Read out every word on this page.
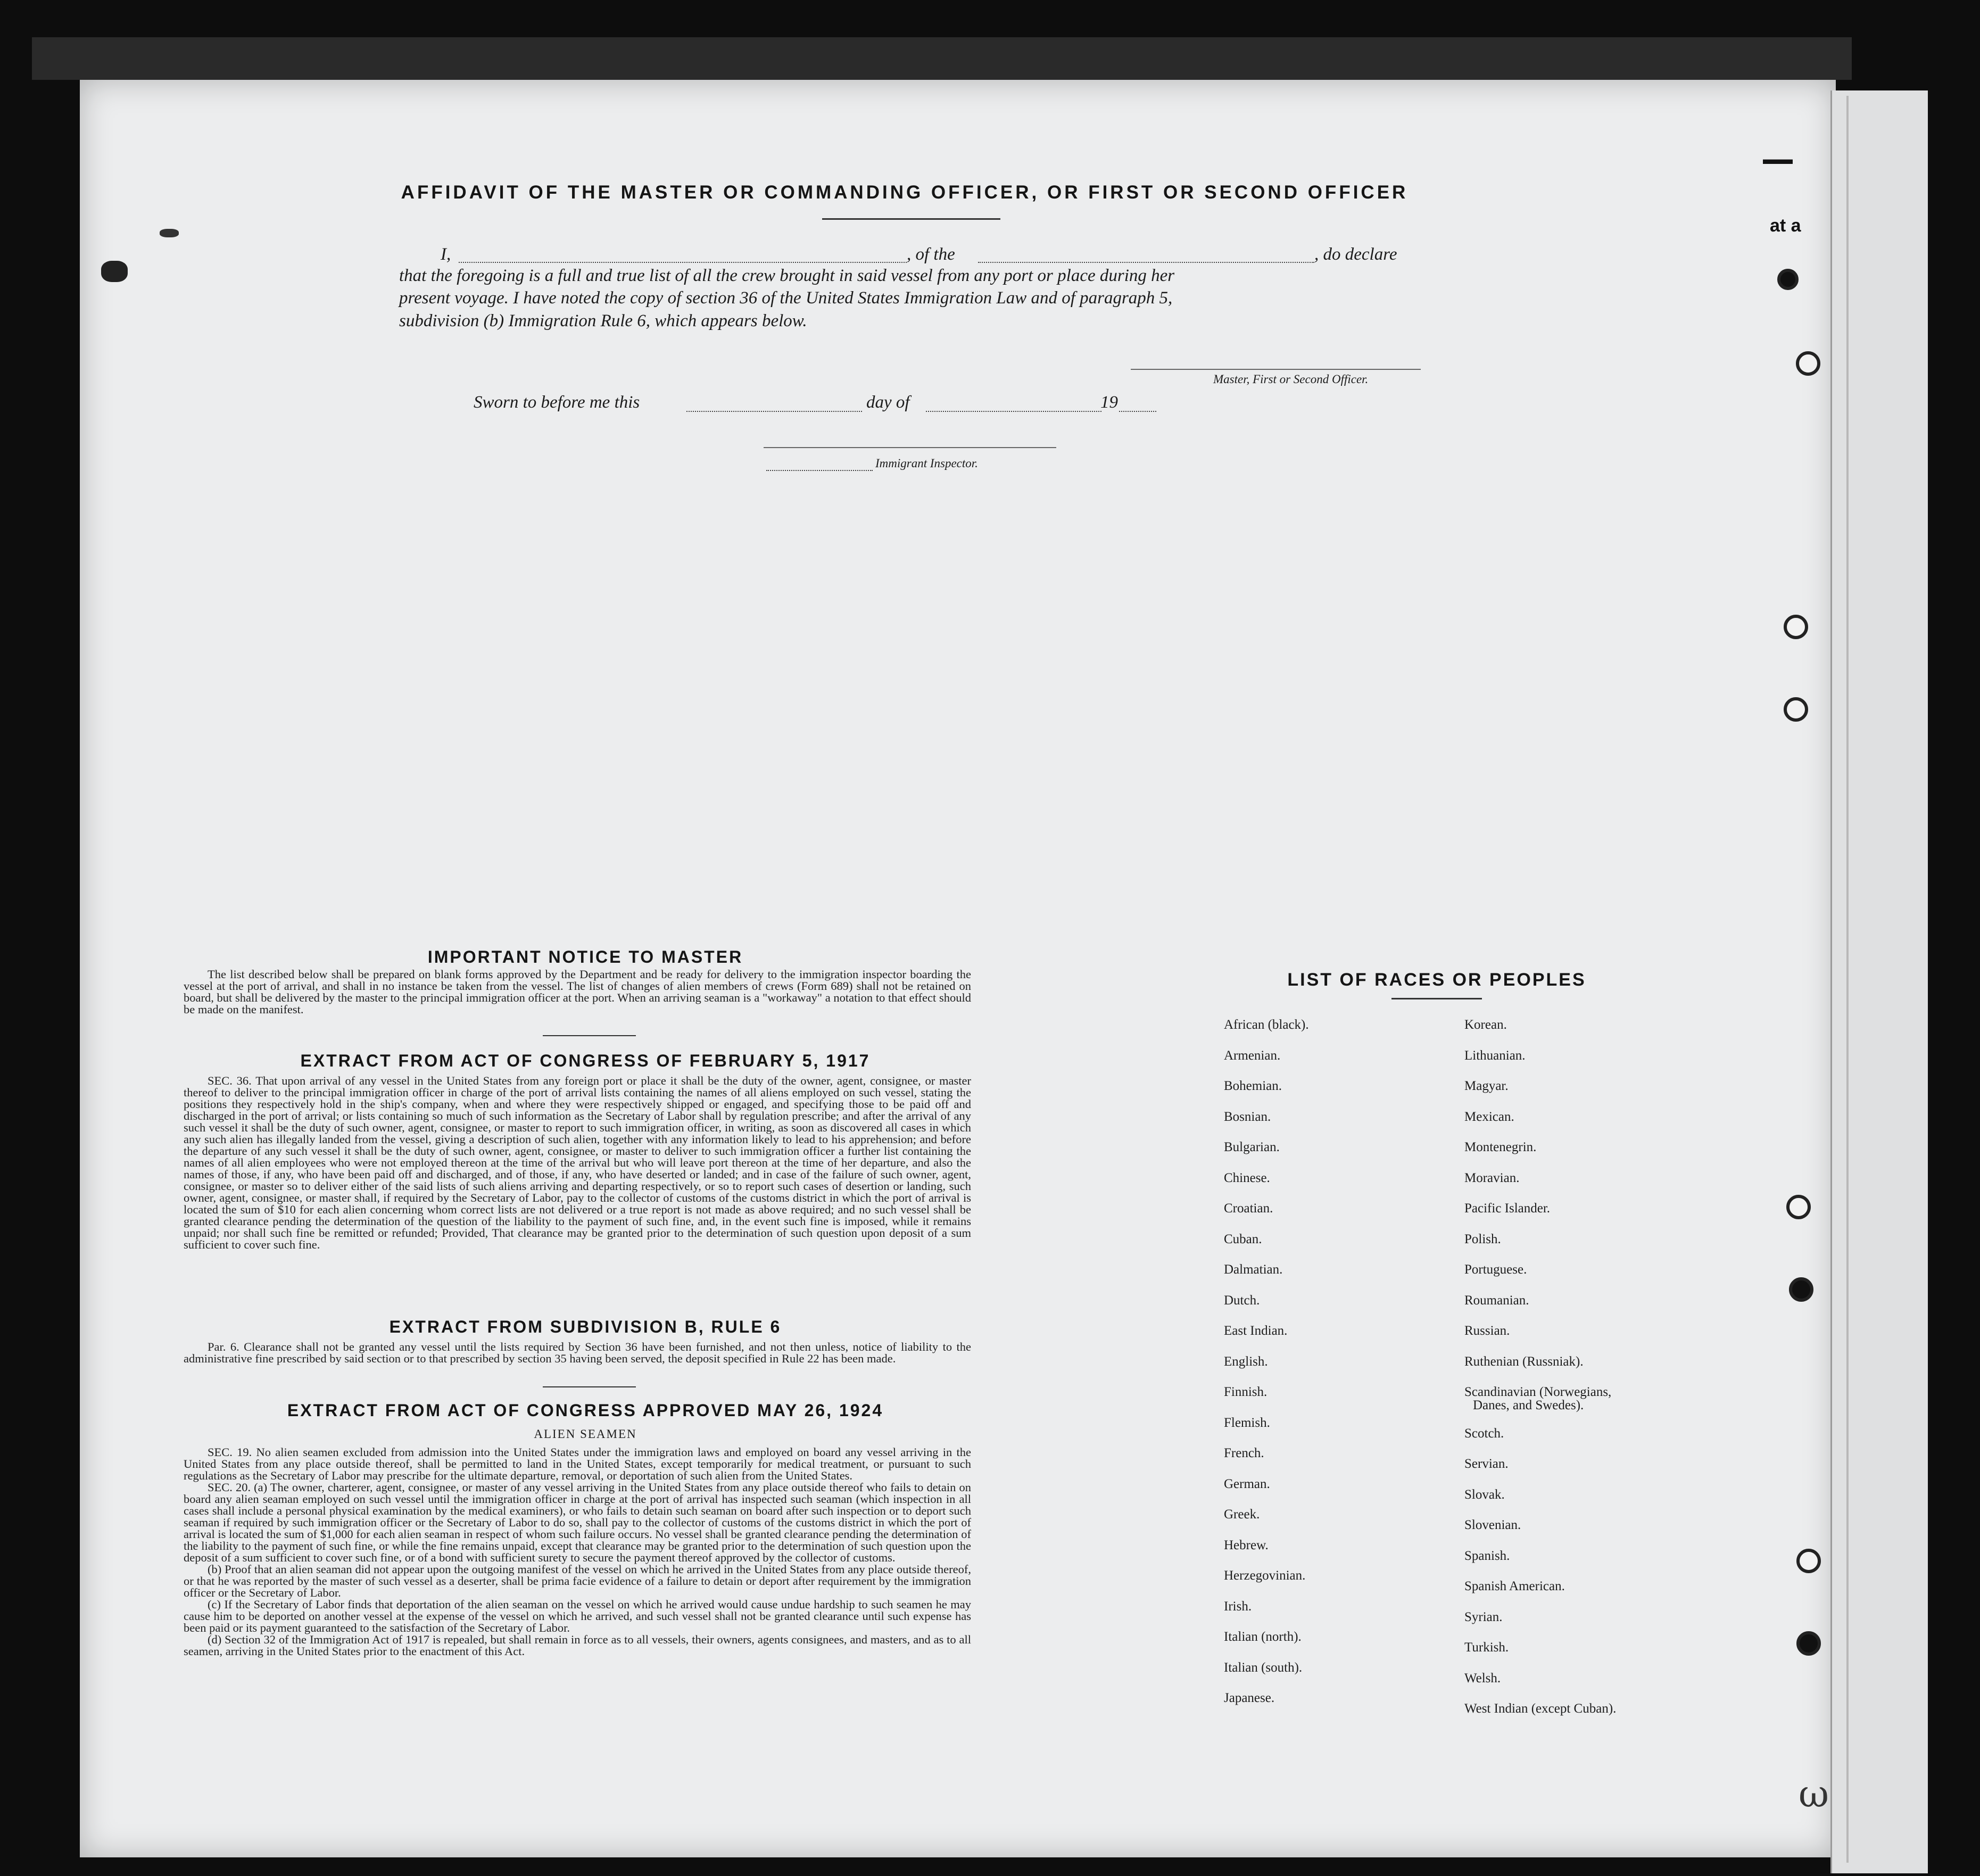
▬▬
at a
ω
AFFIDAVIT OF THE MASTER OR COMMANDING OFFICER, OR FIRST OR SECOND OFFICER
I,	, of the	, do declare
that the foregoing is a full and true list of all the crew brought in said vessel from any port or place during her
present voyage. I have noted the copy of section 36 of the United States Immigration Law and of paragraph 5,
subdivision (b) Immigration Rule 6, which appears below.
Master, First or Second Officer.
Sworn to before me this	day of	19
Immigrant Inspector.
IMPORTANT NOTICE TO MASTER
The list described below shall be prepared on blank forms approved by the Department and be ready for delivery to the immigration inspector boarding the vessel at the port of arrival, and shall in no instance be taken from the vessel. The list of changes of alien members of crews (Form 689) shall not be retained on board, but shall be delivered by the master to the principal immigration officer at the port. When an arriving seaman is a "workaway" a notation to that effect should be made on the manifest.
EXTRACT FROM ACT OF CONGRESS OF FEBRUARY 5, 1917
SEC. 36. That upon arrival of any vessel in the United States from any foreign port or place it shall be the duty of the owner, agent, consignee, or master thereof to deliver to the principal immigration officer in charge of the port of arrival lists containing the names of all aliens employed on such vessel, stating the positions they respectively hold in the ship's company, when and where they were respectively shipped or engaged, and specifying those to be paid off and discharged in the port of arrival; or lists containing so much of such information as the Secretary of Labor shall by regulation prescribe; and after the arrival of any such vessel it shall be the duty of such owner, agent, consignee, or master to report to such immigration officer, in writing, as soon as discovered all cases in which any such alien has illegally landed from the vessel, giving a description of such alien, together with any information likely to lead to his apprehension; and before the departure of any such vessel it shall be the duty of such owner, agent, consignee, or master to deliver to such immigration officer a further list containing the names of all alien employees who were not employed thereon at the time of the arrival but who will leave port thereon at the time of her departure, and also the names of those, if any, who have been paid off and discharged, and of those, if any, who have deserted or landed; and in case of the failure of such owner, agent, consignee, or master so to deliver either of the said lists of such aliens arriving and departing respectively, or so to report such cases of desertion or landing, such owner, agent, consignee, or master shall, if required by the Secretary of Labor, pay to the collector of customs of the customs district in which the port of arrival is located the sum of $10 for each alien concerning whom correct lists are not delivered or a true report is not made as above required; and no such vessel shall be granted clearance pending the determination of the question of the liability to the payment of such fine, and, in the event such fine is imposed, while it remains unpaid; nor shall such fine be remitted or refunded; Provided, That clearance may be granted prior to the determination of such question upon deposit of a sum sufficient to cover such fine.
EXTRACT FROM SUBDIVISION B, RULE 6
Par. 6. Clearance shall not be granted any vessel until the lists required by Section 36 have been furnished, and not then unless, notice of liability to the administrative fine prescribed by said section or to that prescribed by section 35 having been served, the deposit specified in Rule 22 has been made.
EXTRACT FROM ACT OF CONGRESS APPROVED MAY 26, 1924
ALIEN SEAMEN
SEC. 19. No alien seamen excluded from admission into the United States under the immigration laws and employed on board any vessel arriving in the United States from any place outside thereof, shall be permitted to land in the United States, except temporarily for medical treatment, or pursuant to such regulations as the Secretary of Labor may prescribe for the ultimate departure, removal, or deportation of such alien from the United States.
SEC. 20. (a) The owner, charterer, agent, consignee, or master of any vessel arriving in the United States from any place outside thereof who fails to detain on board any alien seaman employed on such vessel until the immigration officer in charge at the port of arrival has inspected such seaman (which inspection in all cases shall include a personal physical examination by the medical examiners), or who fails to detain such seaman on board after such inspection or to deport such seaman if required by such immigration officer or the Secretary of Labor to do so, shall pay to the collector of customs of the customs district in which the port of arrival is located the sum of $1,000 for each alien seaman in respect of whom such failure occurs. No vessel shall be granted clearance pending the determination of the liability to the payment of such fine, or while the fine remains unpaid, except that clearance may be granted prior to the determination of such question upon the deposit of a sum sufficient to cover such fine, or of a bond with sufficient surety to secure the payment thereof approved by the collector of customs.
(b) Proof that an alien seaman did not appear upon the outgoing manifest of the vessel on which he arrived in the United States from any place outside thereof, or that he was reported by the master of such vessel as a deserter, shall be prima facie evidence of a failure to detain or deport after requirement by the immigration officer or the Secretary of Labor.
(c) If the Secretary of Labor finds that deportation of the alien seaman on the vessel on which he arrived would cause undue hardship to such seamen he may cause him to be deported on another vessel at the expense of the vessel on which he arrived, and such vessel shall not be granted clearance until such expense has been paid or its payment guaranteed to the satisfaction of the Secretary of Labor.
(d) Section 32 of the Immigration Act of 1917 is repealed, but shall remain in force as to all vessels, their owners, agents consignees, and masters, and as to all seamen, arriving in the United States prior to the enactment of this Act.
LIST OF RACES OR PEOPLES
African (black).
Armenian.
Bohemian.
Bosnian.
Bulgarian.
Chinese.
Croatian.
Cuban.
Dalmatian.
Dutch.
East Indian.
English.
Finnish.
Flemish.
French.
German.
Greek.
Hebrew.
Herzegovinian.
Irish.
Italian (north).
Italian (south).
Japanese.
Korean.
Lithuanian.
Magyar.
Mexican.
Montenegrin.
Moravian.
Pacific Islander.
Polish.
Portuguese.
Roumanian.
Russian.
Ruthenian (Russniak).
Scandinavian (Norwegians,
Scotch.
Servian.
Slovak.
Slovenian.
Spanish.
Spanish American.
Syrian.
Turkish.
Welsh.
West Indian (except Cuban).
Danes, and Swedes).
